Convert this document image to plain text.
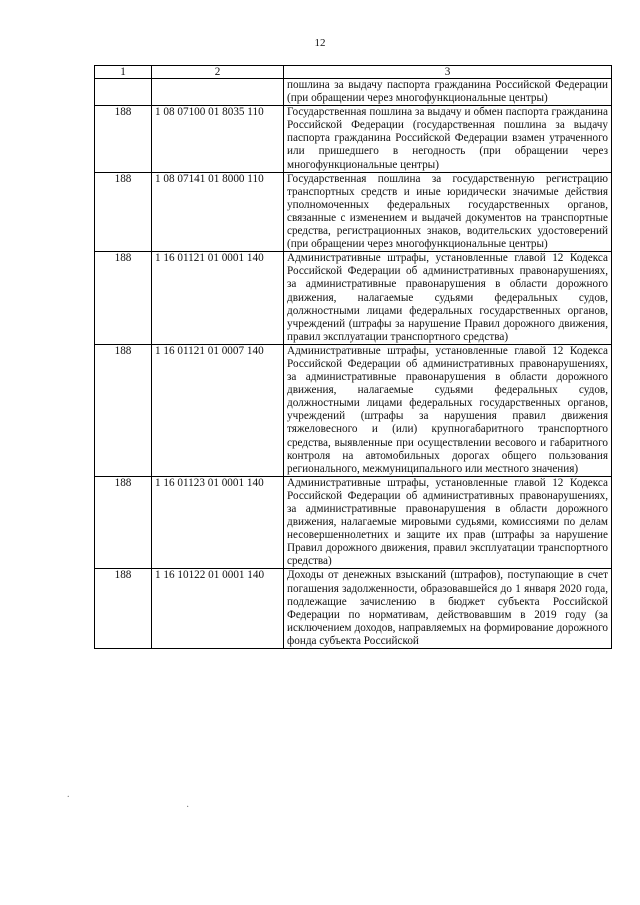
12
1	2	3
		пошлина за выдачу паспорта гражданина Российской Федерации (при обращении через многофункциональные центры)
188	1 08 07100 01 8035 110	Государственная пошлина за выдачу и обмен паспорта гражданина Российской Федерации (государственная пошлина за выдачу паспорта гражданина Российской Федерации взамен утраченного или пришедшего в негодность (при обращении через многофункциональные центры)
188	1 08 07141 01 8000 110	Государственная пошлина за государственную регистрацию транспортных средств и иные юридически значимые действия уполномоченных федеральных государственных органов, связанные с изменением и выдачей документов на транспортные средства, регистрационных знаков, водительских удостоверений (при обращении через многофункциональные центры)
188	1 16 01121 01 0001 140	Административные штрафы, установленные главой 12 Кодекса Российской Федерации об административных правонарушениях, за административные правонарушения в области дорожного движения, налагаемые судьями федеральных судов, должностными лицами федеральных государственных органов, учреждений (штрафы за нарушение Правил дорожного движения, правил эксплуатации транспортного средства)
188	1 16 01121 01 0007 140	Административные штрафы, установленные главой 12 Кодекса Российской Федерации об административных правонарушениях, за административные правонарушения в области дорожного движения, налагаемые судьями федеральных судов, должностными лицами федеральных государственных органов, учреждений (штрафы за нарушения правил движения тяжеловесного и (или) крупногабаритного транспортного средства, выявленные при осуществлении весового и габаритного контроля на автомобильных дорогах общего пользования регионального, межмуниципального или местного значения)
188	1 16 01123 01 0001 140	Административные штрафы, установленные главой 12 Кодекса Российской Федерации об административных правонарушениях, за административные правонарушения в области дорожного движения, налагаемые мировыми судьями, комиссиями по делам несовершеннолетних и защите их прав (штрафы за нарушение Правил дорожного движения, правил эксплуатации транспортного средства)
188	1 16 10122 01 0001 140	Доходы от денежных взысканий (штрафов), поступающие в счет погашения задолженности, образовавшейся до 1 января 2020 года, подлежащие зачислению в бюджет субъекта Российской Федерации по нормативам, действовавшим в 2019 году (за исключением доходов, направляемых на формирование дорожного фонда субъекта Российской
.
·
